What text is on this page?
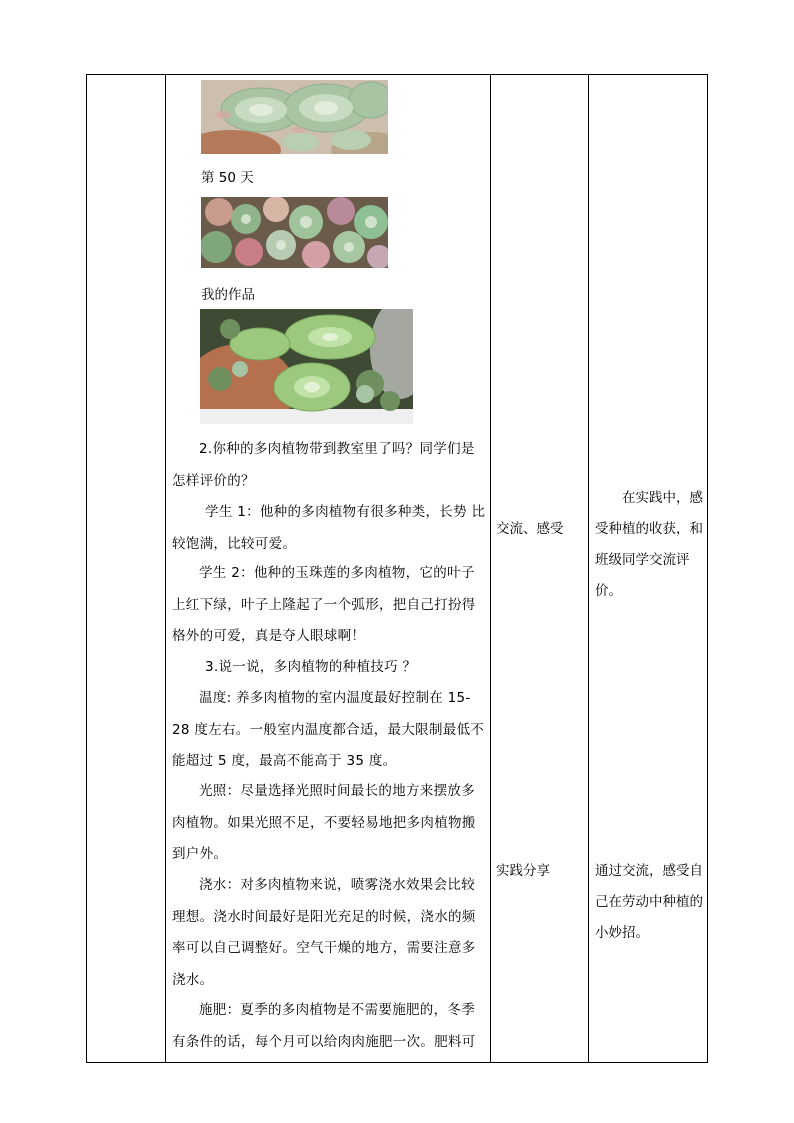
第 50 天
我的作品
2.你种的多肉植物带到教室里了吗？同学们是怎样评价的？
学生 1：他种的多肉植物有很多种类，长势 比较饱满，比较可爱。
学生 2：他种的玉珠莲的多肉植物，它的叶子上红下绿，叶子上隆起了一个弧形，把自己打扮得格外的可爱，真是夺人眼球啊！
3.说一说，多肉植物的种植技巧 ？
温度: 养多肉植物的室内温度最好控制在 15-28 度左右。一般室内温度都合适，最大限制最低不能超过 5 度，最高不能高于 35 度。
光照：尽量选择光照时间最长的地方来摆放多肉植物。如果光照不足，不要轻易地把多肉植物搬到户外。
浇水：对多肉植物来说，喷雾浇水效果会比较理想。浇水时间最好是阳光充足的时候，浇水的频率可以自己调整好。空气干燥的地方，需要注意多浇水。
施肥：夏季的多肉植物是不需要施肥的，冬季有条件的话，每个月可以给肉肉施肥一次。肥料可
交流、感受
实践分享
在实践中，感受种植的收获，和班级同学交流评价。
通过交流，感受自己在劳动中种植的小妙招。
